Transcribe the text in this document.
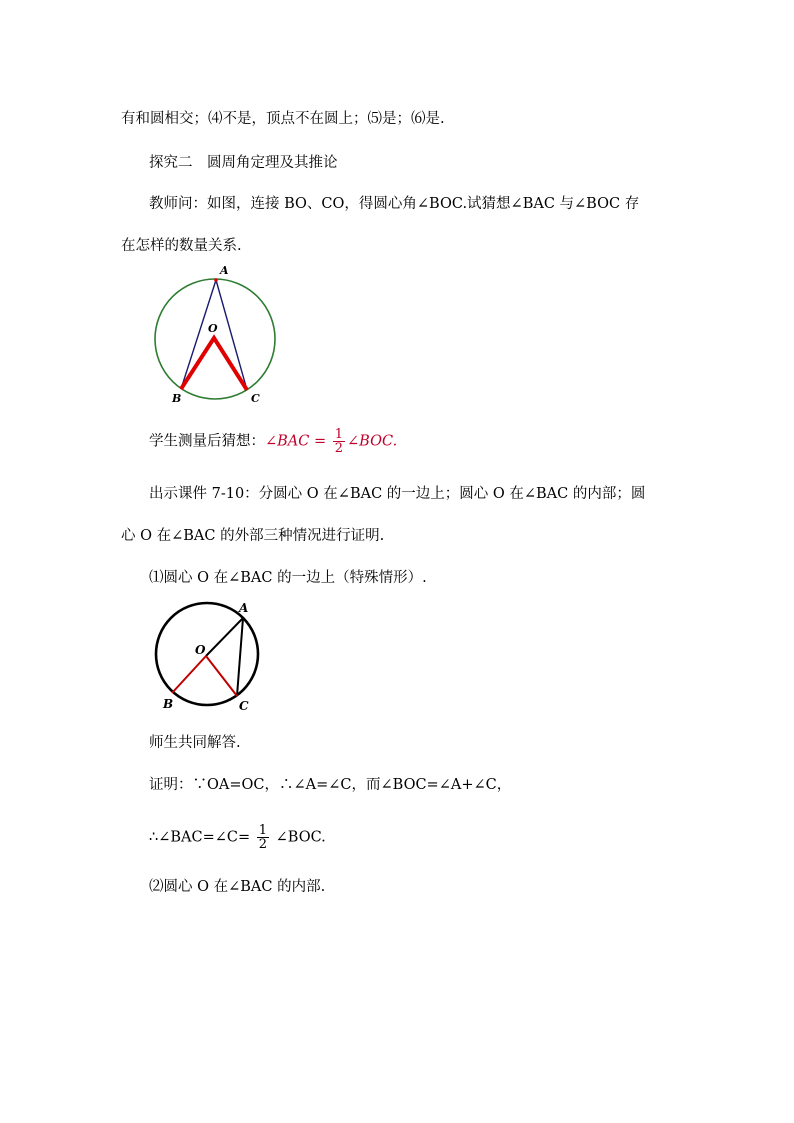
有和圆相交；⑷不是，顶点不在圆上；⑸是；⑹是.
探究二　圆周角定理及其推论
教师问：如图，连接 BO、CO，得圆心角∠BOC.试猜想∠BAC 与∠BOC 存
在怎样的数量关系.
A
O
B	C
学生测量后猜想：∠BAC = $\frac{1}{2}$ ∠BOC.
出示课件 7-10：分圆心 O 在∠BAC 的一边上；圆心 O 在∠BAC 的内部；圆
心 O 在∠BAC 的外部三种情况进行证明.
⑴圆心 O 在∠BAC 的一边上（特殊情形）.
A
O
B	C
师生共同解答.
证明：∵OA=OC，∴∠A=∠C，而∠BOC=∠A+∠C，
∴∠BAC=∠C= $\frac{1}{2}$ ∠BOC.
⑵圆心 O 在∠BAC 的内部.
